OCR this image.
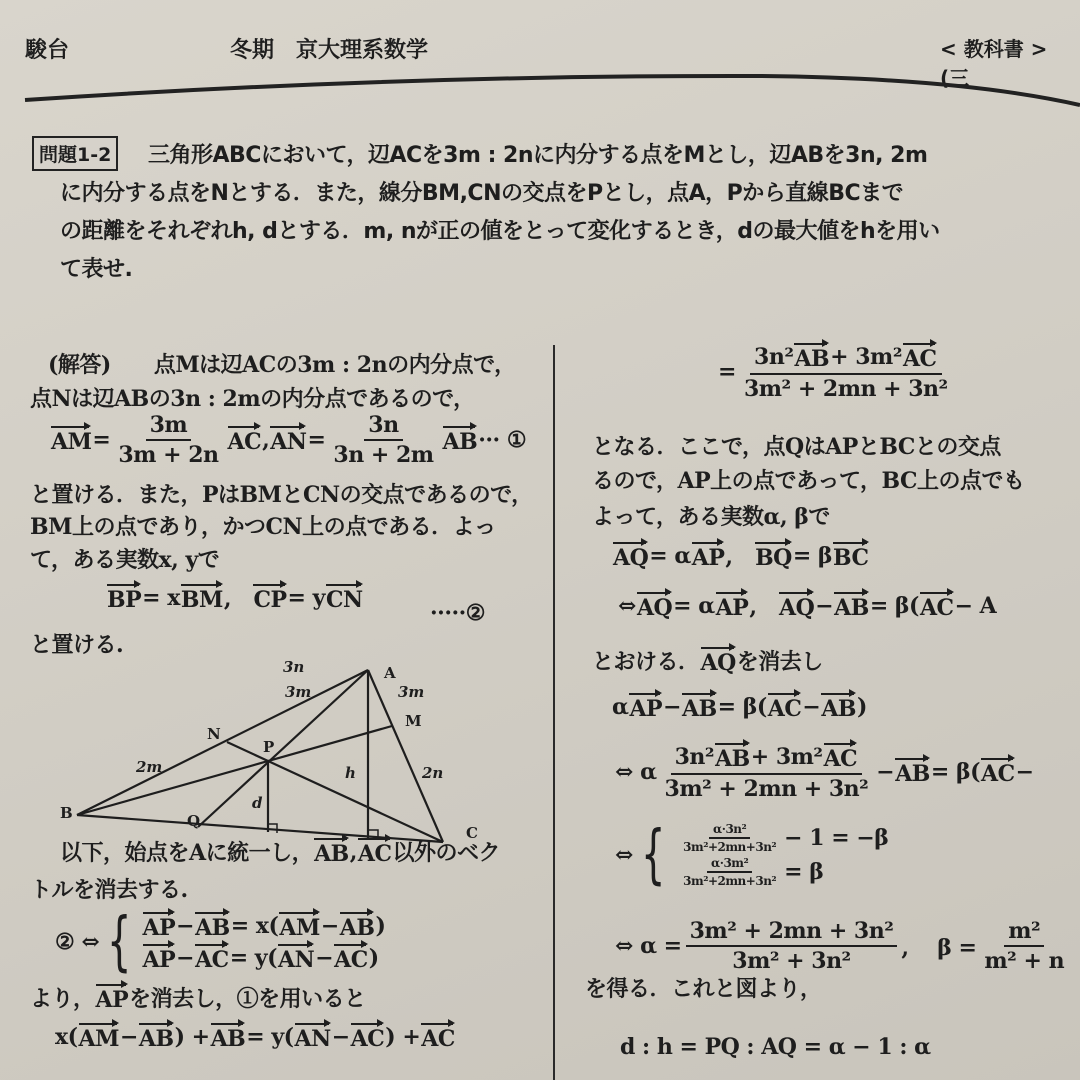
駿台	冬期　京大理系数学	< 教科書 > (三
問題1-2	三角形ABCにおいて，辺ACを3m : 2nに内分する点をMとし，辺ABを3n, 2m
に内分する点をNとする．また，線分BM,CNの交点をPとし，点A，Pから直線BCまで
の距離をそれぞれh, dとする．m, nが正の値をとって変化するとき，dの最大値をhを用い
て表せ.
(解答)　　点Mは辺ACの3m : 2nの内分点で，
点Nは辺ABの3n : 2mの内分点であるので，
AM = $\frac{3m}{3m + 2n}$ AC , AN = $\frac{3n}{3n + 2m}$ AB ··· ①
と置ける．また，PはBMとCNの交点であるので，
BM上の点であり，かつCN上の点である．よっ
て，ある実数x, yで
BP = x BM ,　 CP = y CN
·····②
と置ける.
A
B
C
M
N
P
Q
h
d
3m
3n
2m
3m
2n
以下，始点をAに統一し， AB , AC 以外のベク
トルを消去する.
② ⇔ { AP − AB = x( AM − AB )
AP − AC = y( AN − AC )
より， AP を消去し，①を用いると
x( AM − AB ) + AB = y( AN − AC ) + AC
= $\frac{\text{3n² AB + 3m² AC}}{\text{3m² + 2mn + 3n²}}$
となる．ここで，点QはAPとBCとの交点
るので，AP上の点であって，BC上の点でも
よって，ある実数α, βで
AQ = α AP ,　 BQ = β BC
⇔ AQ = α AP ,　 AQ − AB = β( AC − A
とおける． AQ を消去し
α AP − AB = β( AC − AB )
⇔ α $\frac{\text{3n² AB + 3m² AC}}{\text{3m² + 2mn + 3n²}}$ − AB = β( AC −
⇔ { $\frac{\text{α·3n²}}{\text{3m²+2mn+3n²}} - 1 = -\beta$
$\frac{\text{α·3m²}}{\text{3m²+2mn+3n²}} = \beta$
⇔ $\alpha = \frac{\text{3m² + 2mn + 3n²}}{\text{3m² + 3n²}}$ ,　 $\beta = \frac{\text{m²}}{\text{m² + n}}$
を得る．これと図より，
d : h = PQ : AQ = α − 1 : α
